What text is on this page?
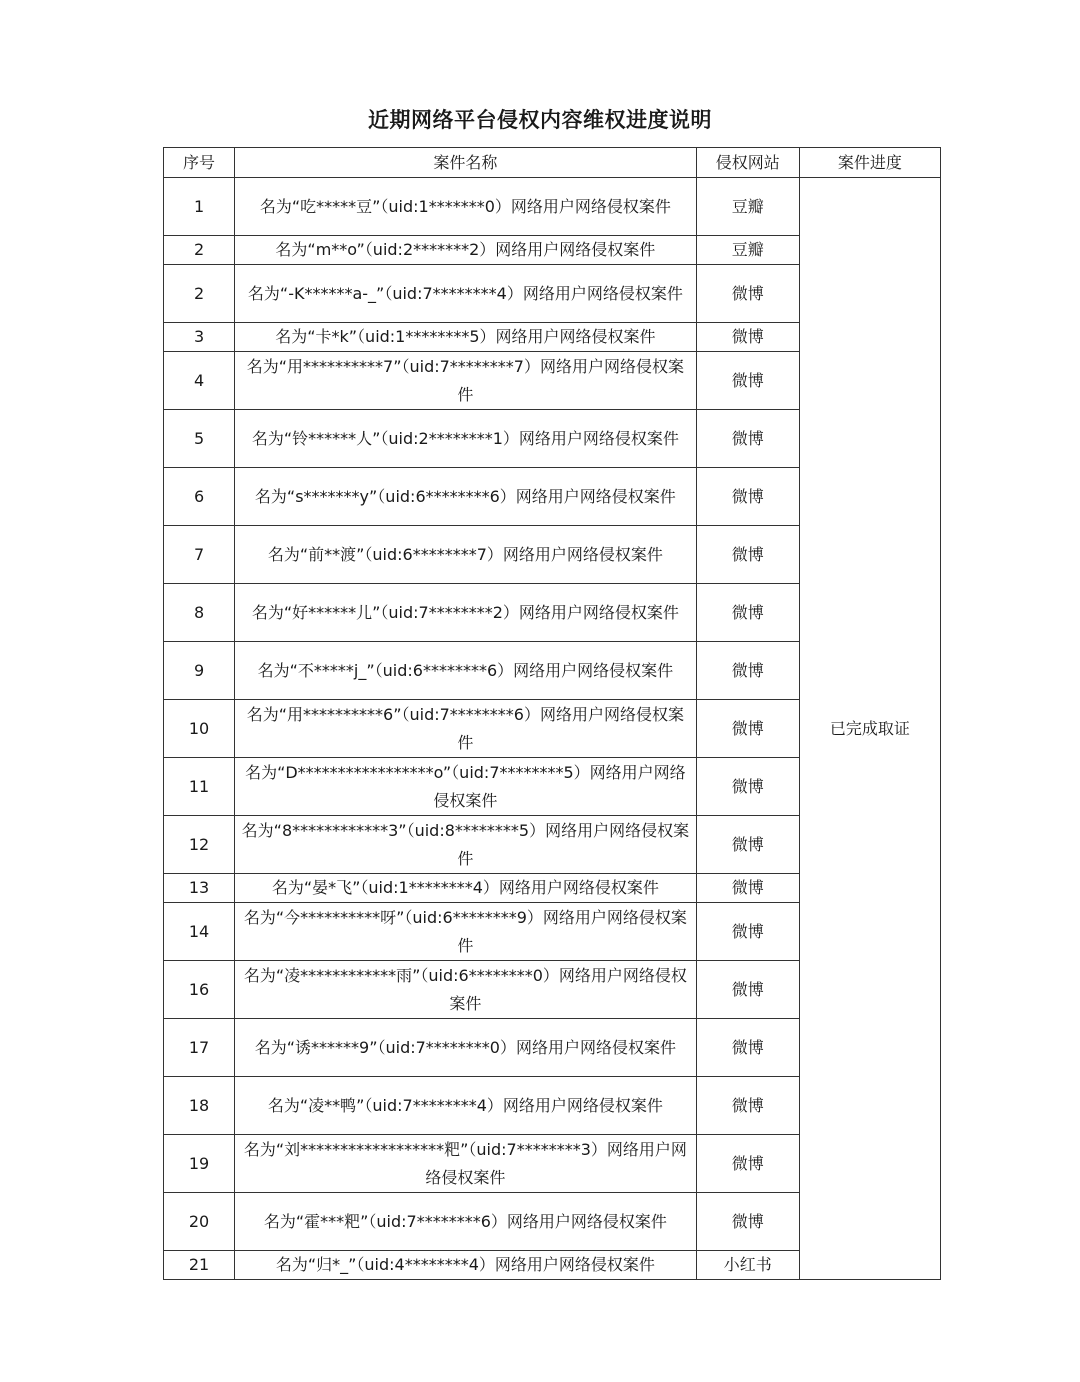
近期网络平台侵权内容维权进度说明
序号	案件名称	侵权网站	案件进度
1	名为“吃*****豆”（uid:1*******0）网络用户网络侵权案件	豆瓣	已完成取证
2	名为“m**o”（uid:2*******2）网络用户网络侵权案件	豆瓣	
2	名为“-K******a-_”（uid:7********4）网络用户网络侵权案件	微博	
3	名为“卡*k”（uid:1********5）网络用户网络侵权案件	微博	
4	名为“用**********7”（uid:7********7）网络用户网络侵权案件	微博	
5	名为“铃******人”（uid:2********1）网络用户网络侵权案件	微博	
6	名为“s*******y”（uid:6********6）网络用户网络侵权案件	微博	
7	名为“前**渡”（uid:6********7）网络用户网络侵权案件	微博	
8	名为“好******儿”（uid:7********2）网络用户网络侵权案件	微博	
9	名为“不*****j_”（uid:6********6）网络用户网络侵权案件	微博	
10	名为“用**********6”（uid:7********6）网络用户网络侵权案件	微博	
11	名为“D*****************o”（uid:7********5）网络用户网络侵权案件	微博	
12	名为“8************3”（uid:8********5）网络用户网络侵权案件	微博	
13	名为“晏*飞”（uid:1********4）网络用户网络侵权案件	微博	
14	名为“今**********呀”（uid:6********9）网络用户网络侵权案件	微博	
16	名为“凌************雨”（uid:6********0）网络用户网络侵权案件	微博	
17	名为“诱******9”（uid:7********0）网络用户网络侵权案件	微博	
18	名为“凌**鸭”（uid:7********4）网络用户网络侵权案件	微博	
19	名为“刘******************粑”（uid:7********3）网络用户网络侵权案件	微博	
20	名为“霍***粑”（uid:7********6）网络用户网络侵权案件	微博	
21	名为“归*_”（uid:4********4）网络用户网络侵权案件	小红书	
